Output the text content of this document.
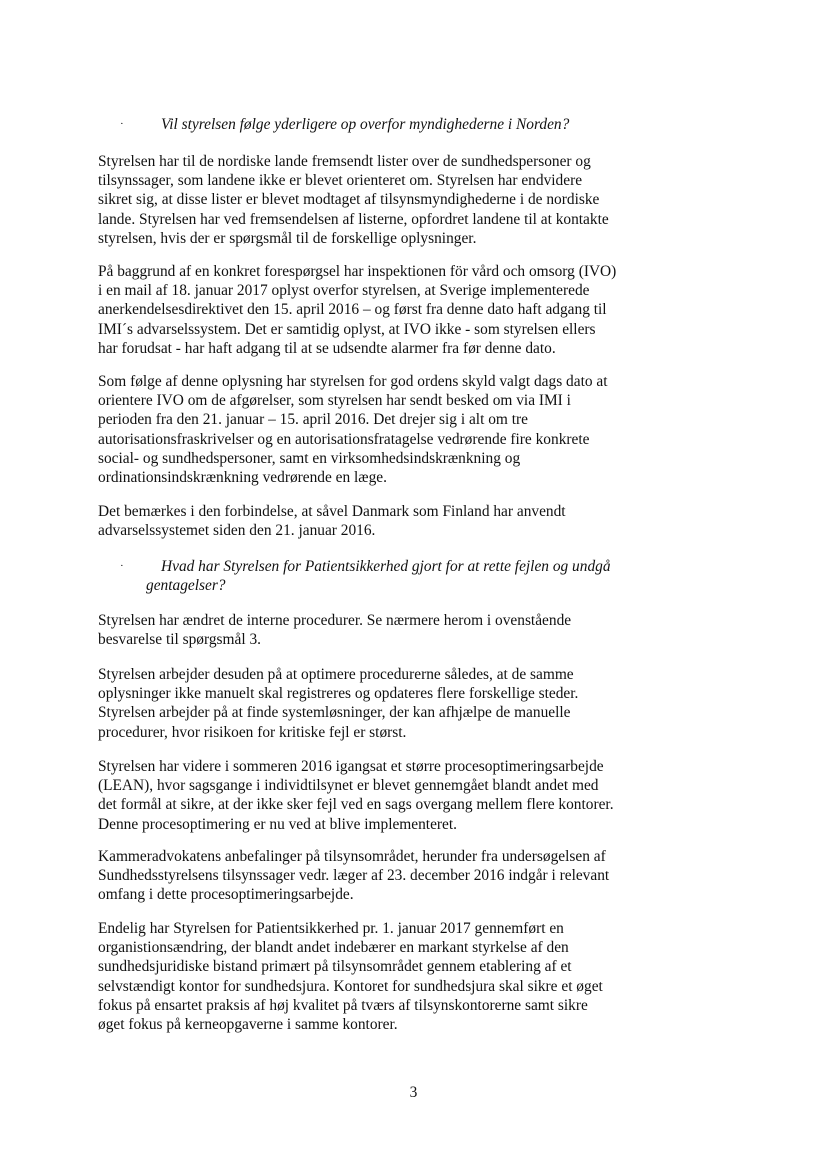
· Vil styrelsen følge yderligere op overfor myndighederne i Norden?
Styrelsen har til de nordiske lande fremsendt lister over de sundhedspersoner og
tilsynssager, som landene ikke er blevet orienteret om. Styrelsen har endvidere
sikret sig, at disse lister er blevet modtaget af tilsynsmyndighederne i de nordiske
lande. Styrelsen har ved fremsendelsen af listerne, opfordret landene til at kontakte
styrelsen, hvis der er spørgsmål til de forskellige oplysninger.
På baggrund af en konkret forespørgsel har inspektionen för vård och omsorg (IVO)
i en mail af 18. januar 2017 oplyst overfor styrelsen, at Sverige implementerede
anerkendelsesdirektivet den 15. april 2016 – og først fra denne dato haft adgang til
IMI´s advarselssystem. Det er samtidig oplyst, at IVO ikke - som styrelsen ellers
har forudsat - har haft adgang til at se udsendte alarmer fra før denne dato.
Som følge af denne oplysning har styrelsen for god ordens skyld valgt dags dato at
orientere IVO om de afgørelser, som styrelsen har sendt besked om via IMI i
perioden fra den 21. januar – 15. april 2016. Det drejer sig i alt om tre
autorisationsfraskrivelser og en autorisationsfratagelse vedrørende fire konkrete
social- og sundhedspersoner, samt en virksomhedsindskrænkning og
ordinationsindskrænkning vedrørende en læge.
Det bemærkes i den forbindelse, at såvel Danmark som Finland har anvendt
advarselssystemet siden den 21. januar 2016.
· Hvad har Styrelsen for Patientsikkerhed gjort for at rette fejlen og undgå
gentagelser?
Styrelsen har ændret de interne procedurer. Se nærmere herom i ovenstående
besvarelse til spørgsmål 3.
Styrelsen arbejder desuden på at optimere procedurerne således, at de samme
oplysninger ikke manuelt skal registreres og opdateres flere forskellige steder.
Styrelsen arbejder på at finde systemløsninger, der kan afhjælpe de manuelle
procedurer, hvor risikoen for kritiske fejl er størst.
Styrelsen har videre i sommeren 2016 igangsat et større procesoptimeringsarbejde
(LEAN), hvor sagsgange i individtilsynet er blevet gennemgået blandt andet med
det formål at sikre, at der ikke sker fejl ved en sags overgang mellem flere kontorer.
Denne procesoptimering er nu ved at blive implementeret.
Kammeradvokatens anbefalinger på tilsynsområdet, herunder fra undersøgelsen af
Sundhedsstyrelsens tilsynssager vedr. læger af 23. december 2016 indgår i relevant
omfang i dette procesoptimeringsarbejde.
Endelig har Styrelsen for Patientsikkerhed pr. 1. januar 2017 gennemført en
organistionsændring, der blandt andet indebærer en markant styrkelse af den
sundhedsjuridiske bistand primært på tilsynsområdet gennem etablering af et
selvstændigt kontor for sundhedsjura. Kontoret for sundhedsjura skal sikre et øget
fokus på ensartet praksis af høj kvalitet på tværs af tilsynskontorerne samt sikre
øget fokus på kerneopgaverne i samme kontorer.
3
